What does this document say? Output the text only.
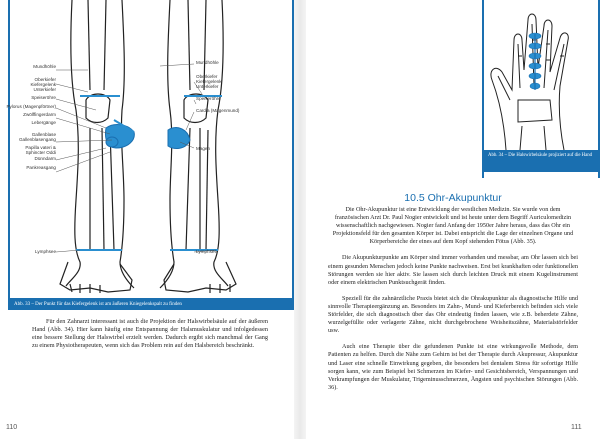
Mundhöhle
Oberkiefer
Kiefergelenk
Unterkiefer
Speiseröhre
Pylorus (Magenpförtner)
Zwölffingerdarm
Lebergänge
Gallenblase
Gallenblasengang
Papilla vateri &
Sphincter Oddi
Dünndarm
Pankreasgang
Lymphsee
Mundhöhle
Oberkiefer
Kiefergelenk
Unterkiefer
Speiseröhre
Cardia (Magenmund)
Magen
Lymphsee
Abb. 33 – Der Punkt für das Kiefergelenk ist am äußeren Kniegelenkspalt zu finden

Für den Zahnarzt interessant ist auch die Projektion der Halswirbelsäule auf der äußeren Hand (Abb. 34). Hier kann häufig eine Entspannung der Halsmuskulatur und infolgedessen eine bessere Stellung der Halswirbel erzielt werden. Dadurch ergibt sich manchmal der Gang zu einem Physiotherapeuten, wenn sich das Problem rein auf den Halsbereich beschränkt.

110
Abb. 34 – Die Halswirbelsäule projiziert auf die Hand
10.5 Ohr-Akupunktur

Die Ohr-Akupunktur ist eine Entwicklung der westlichen Medizin. Sie wurde von dem französischen Arzt Dr. Paul Nogier entwickelt und ist heute unter dem Begriff Auriculomedizin wissenschaftlich nachgewiesen. Nogier fand Anfang der 1950er Jahre heraus, dass das Ohr ein Projektionsfeld für den gesamten Körper ist. Dabei entspricht die Lage der einzelnen Organe und Körperbereiche der eines auf dem Kopf stehenden Fötus (Abb. 35).

Die Akupunkturpunkte am Körper sind immer vorhanden und messbar, am Ohr lassen sich bei einem gesunden Menschen jedoch keine Punkte nachweisen. Erst bei krankhaften oder funktionellen Störungen werden sie hier aktiv. Sie lassen sich durch leichten Druck mit einem Kugelinstrument oder einem elektrischen Punktsuchgerät finden.

Speziell für die zahnärztliche Praxis bietet sich die Ohrakupunktur als diagnostische Hilfe und sinnvolle Therapieergänzung an. Besonders im Zahn-, Mund- und Kieferbereich befinden sich viele Störfelder, die sich diagnostisch über das Ohr eindeutig finden lassen, wie z.B. beherdete Zähne, wurzelgefüllte oder verlagerte Zähne, nicht durchgebrochene Weisheitszähne, Materialstörfelder usw.

Auch eine Therapie über die gefundenen Punkte ist eine wirkungsvolle Methode, dem Patienten zu helfen. Durch die Nähe zum Gehirn ist bei der Therapie durch Akupressur, Akupunktur und Laser eine schnelle Einwirkung gegeben, die besonders bei dentalem Stress für sofortige Hilfe sorgen kann, wie zum Beispiel bei Schmerzen im Kiefer- und Gesichtsbereich, Verspannungen und Verkrampfungen der Muskulatur, Trigeminusschmerzen, Ängsten und psychischen Störungen (Abb. 36).

111
